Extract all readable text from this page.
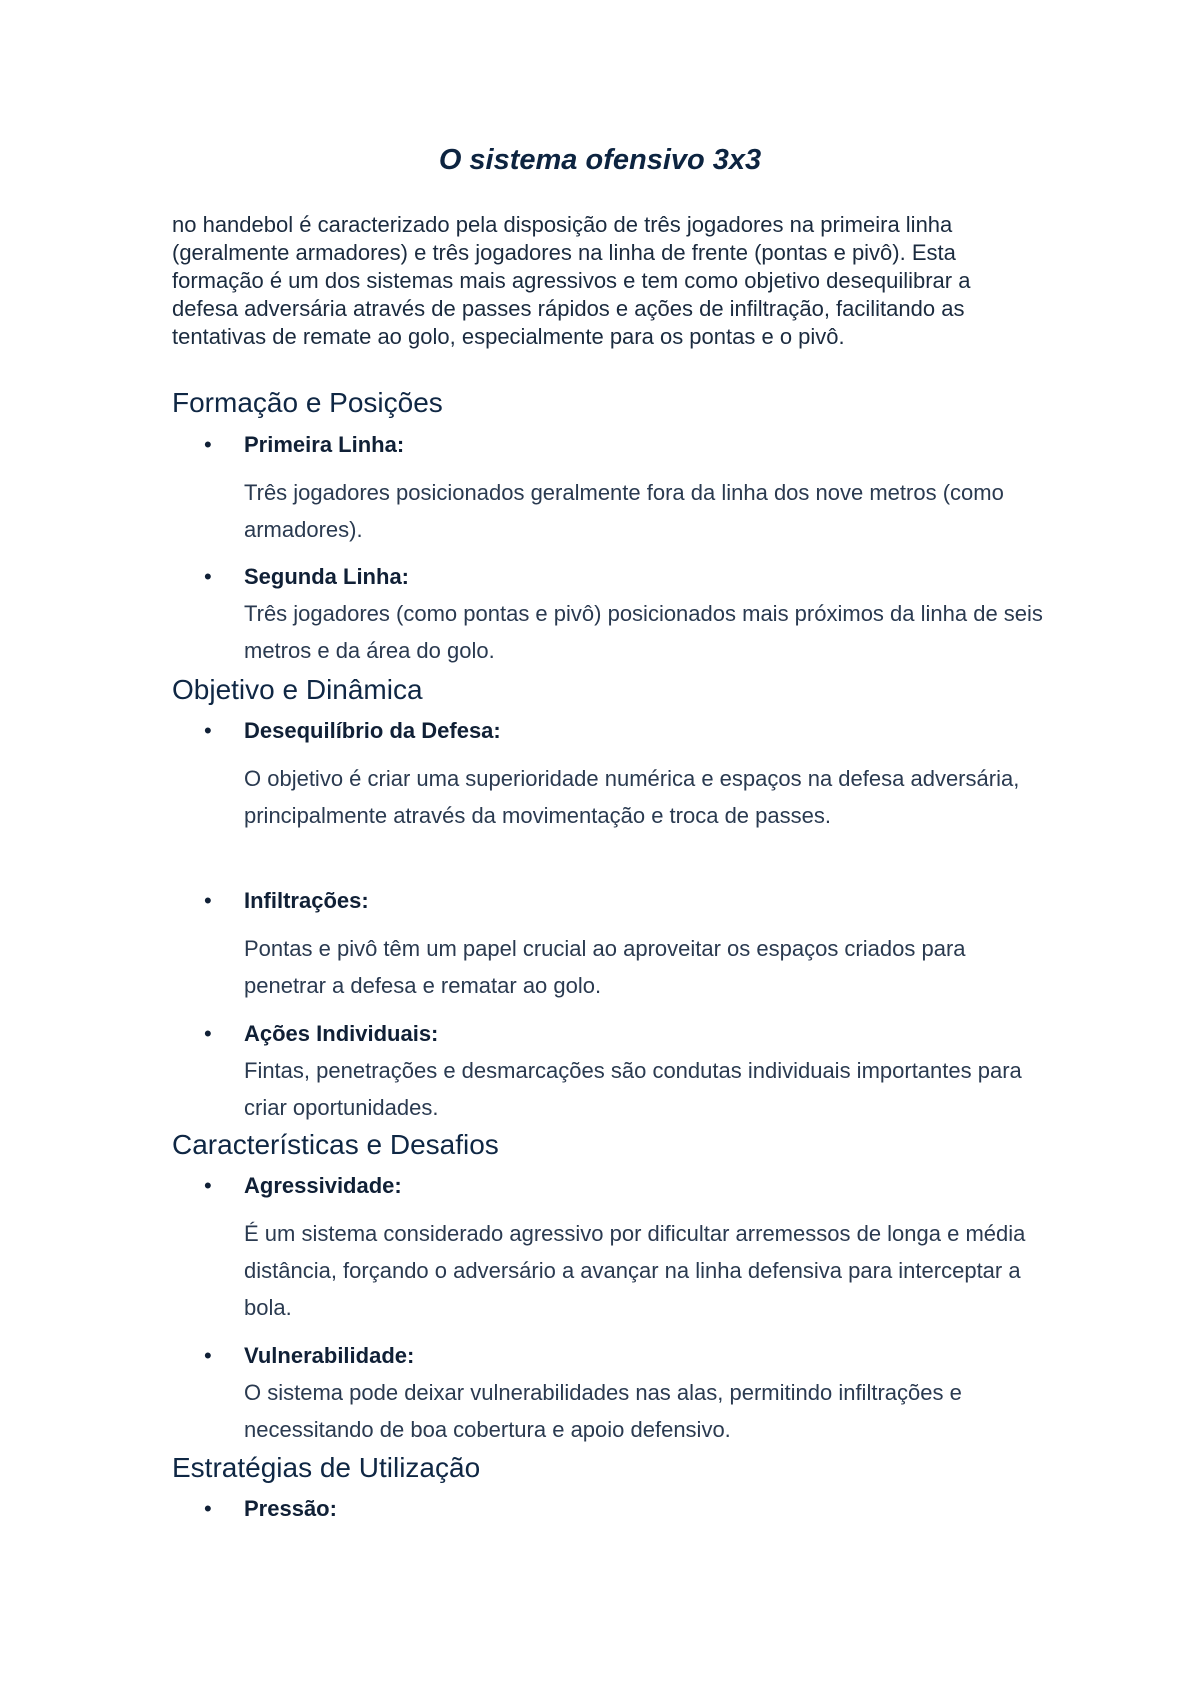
O sistema ofensivo 3x3

no handebol é caracterizado pela disposição de três jogadores na primeira linha (geralmente armadores) e três jogadores na linha de frente (pontas e pivô). Esta formação é um dos sistemas mais agressivos e tem como objetivo desequilibrar a defesa adversária através de passes rápidos e ações de infiltração, facilitando as tentativas de remate ao golo, especialmente para os pontas e o pivô.

Formação e Posições
• Primeira Linha:

Três jogadores posicionados geralmente fora da linha dos nove metros (como armadores).

• Segunda Linha:

Três jogadores (como pontas e pivô) posicionados mais próximos da linha de seis metros e da área do golo.

Objetivo e Dinâmica
• Desequilíbrio da Defesa:

O objetivo é criar uma superioridade numérica e espaços na defesa adversária, principalmente através da movimentação e troca de passes.

• Infiltrações:

Pontas e pivô têm um papel crucial ao aproveitar os espaços criados para penetrar a defesa e rematar ao golo.

• Ações Individuais:

Fintas, penetrações e desmarcações são condutas individuais importantes para criar oportunidades.

Características e Desafios
• Agressividade:

É um sistema considerado agressivo por dificultar arremessos de longa e média distância, forçando o adversário a avançar na linha defensiva para interceptar a bola.

• Vulnerabilidade:

O sistema pode deixar vulnerabilidades nas alas, permitindo infiltrações e necessitando de boa cobertura e apoio defensivo.

Estratégias de Utilização
• Pressão:
